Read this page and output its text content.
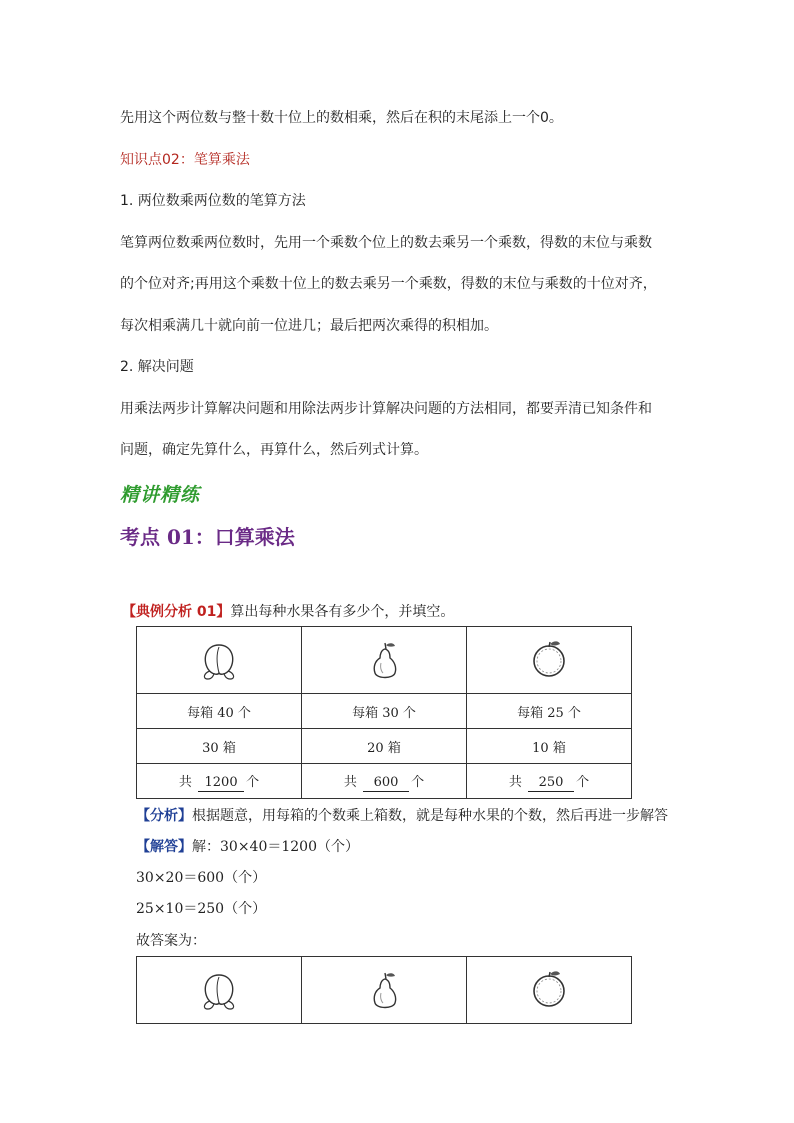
先用这个两位数与整十数十位上的数相乘，然后在积的末尾添上一个0。
知识点02：笔算乘法
1. 两位数乘两位数的笔算方法
笔算两位数乘两位数时，先用一个乘数个位上的数去乘另一个乘数，得数的末位与乘数
的个位对齐;再用这个乘数十位上的数去乘另一个乘数，得数的末位与乘数的十位对齐，
每次相乘满几十就向前一位进几；最后把两次乘得的积相加。
2. 解决问题
用乘法两步计算解决问题和用除法两步计算解决问题的方法相同，都要弄清已知条件和
问题，确定先算什么，再算什么，然后列式计算。
精讲精练
考点 01：口算乘法
【典例分析 01】算出每种水果各有多少个，并填空。

每箱 40 个	每箱 30 个	每箱 25 个
30 箱	20 箱	10 箱
共 1200 个	共 600 个	共 250 个
【分析】根据题意，用每箱的个数乘上箱数，就是每种水果的个数，然后再进一步解答
【解答】解：30×40＝1200（个）
30×20＝600（个）
25×10＝250（个）
故答案为：
